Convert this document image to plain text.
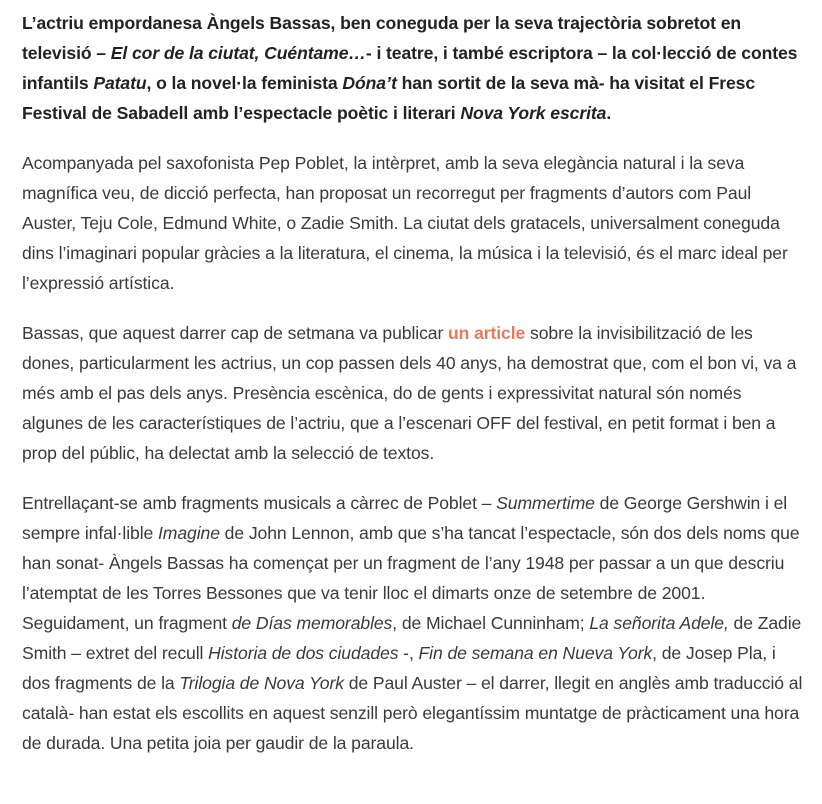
L’actriu empordanesa Àngels Bassas, ben coneguda per la seva trajectòria sobretot en televisió – El cor de la ciutat, Cuéntame…- i teatre, i també escriptora – la col·lecció de contes infantils Patatu, o la novel·la feminista Dóna’t han sortit de la seva mà- ha visitat el Fresc Festival de Sabadell amb l’espectacle poètic i literari Nova York escrita.

Acompanyada pel saxofonista Pep Poblet, la intèrpret, amb la seva elegància natural i la seva magnífica veu, de dicció perfecta, han proposat un recorregut per fragments d’autors com Paul Auster, Teju Cole, Edmund White, o Zadie Smith. La ciutat dels gratacels, universalment coneguda dins l’imaginari popular gràcies a la literatura, el cinema, la música i la televisió, és el marc ideal per l’expressió artística.

Bassas, que aquest darrer cap de setmana va publicar un article sobre la invisibilització de les dones, particularment les actrius, un cop passen dels 40 anys, ha demostrat que, com el bon vi, va a més amb el pas dels anys. Presència escènica, do de gents i expressivitat natural són només algunes de les característiques de l’actriu, que a l’escenari OFF del festival, en petit format i ben a prop del públic, ha delectat amb la selecció de textos.

Entrellaçant-se amb fragments musicals a càrrec de Poblet – Summertime de George Gershwin i el sempre infal·lible Imagine de John Lennon, amb que s’ha tancat l’espectacle, són dos dels noms que han sonat- Àngels Bassas ha començat per un fragment de l’any 1948 per passar a un que descriu l’atemptat de les Torres Bessones que va tenir lloc el dimarts onze de setembre de 2001. Seguidament, un fragment de Días memorables, de Michael Cunninham; La señorita Adele, de Zadie Smith – extret del recull Historia de dos ciudades -, Fin de semana en Nueva York, de Josep Pla, i dos fragments de la Trilogia de Nova York de Paul Auster – el darrer, llegit en anglès amb traducció al català- han estat els escollits en aquest senzill però elegantíssim muntatge de pràcticament una hora de durada. Una petita joia per gaudir de la paraula.
